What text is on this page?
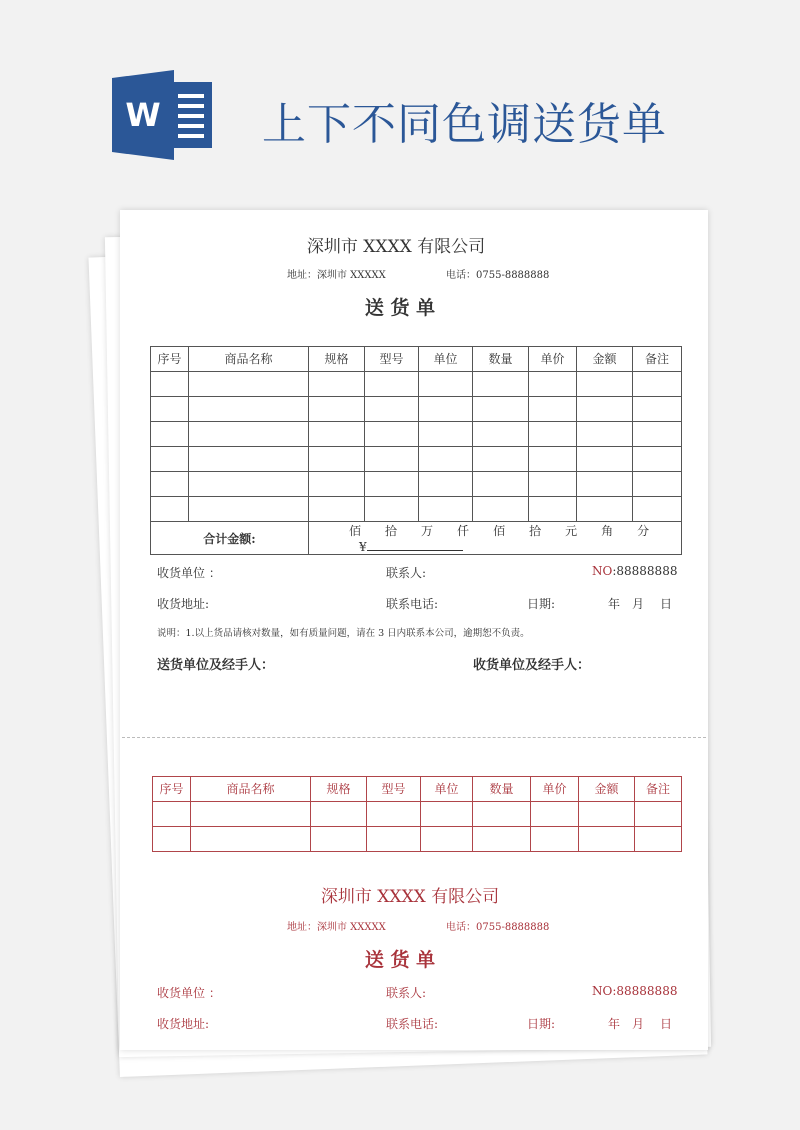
W 上下不同色调送货单
深圳市 XXXX 有限公司
地址：深圳市 XXXXX	电话：0755-8888888
送 货 单
序号	商品名称	规格	型号	单位	数量	单价	金额	备注

合计金额:		佰 拾 万 仟 佰 拾 元 角 分¥						
收货单位 ：	联系人:	NO:88888888
收货地址:	联系电话:	日期:	年 月 日
说明：1.以上货品请核对数量，如有质量问题，请在 3 日内联系本公司，逾期恕不负责。
送货单位及经手人：	收货单位及经手人：
序号	商品名称	规格	型号	单位	数量	单价	金额	备注

深圳市 XXXX 有限公司
地址：深圳市 XXXXX	电话：0755-8888888
送 货 单
收货单位 ：	联系人:	NO:88888888
收货地址:	联系电话:	日期:	年 月 日
